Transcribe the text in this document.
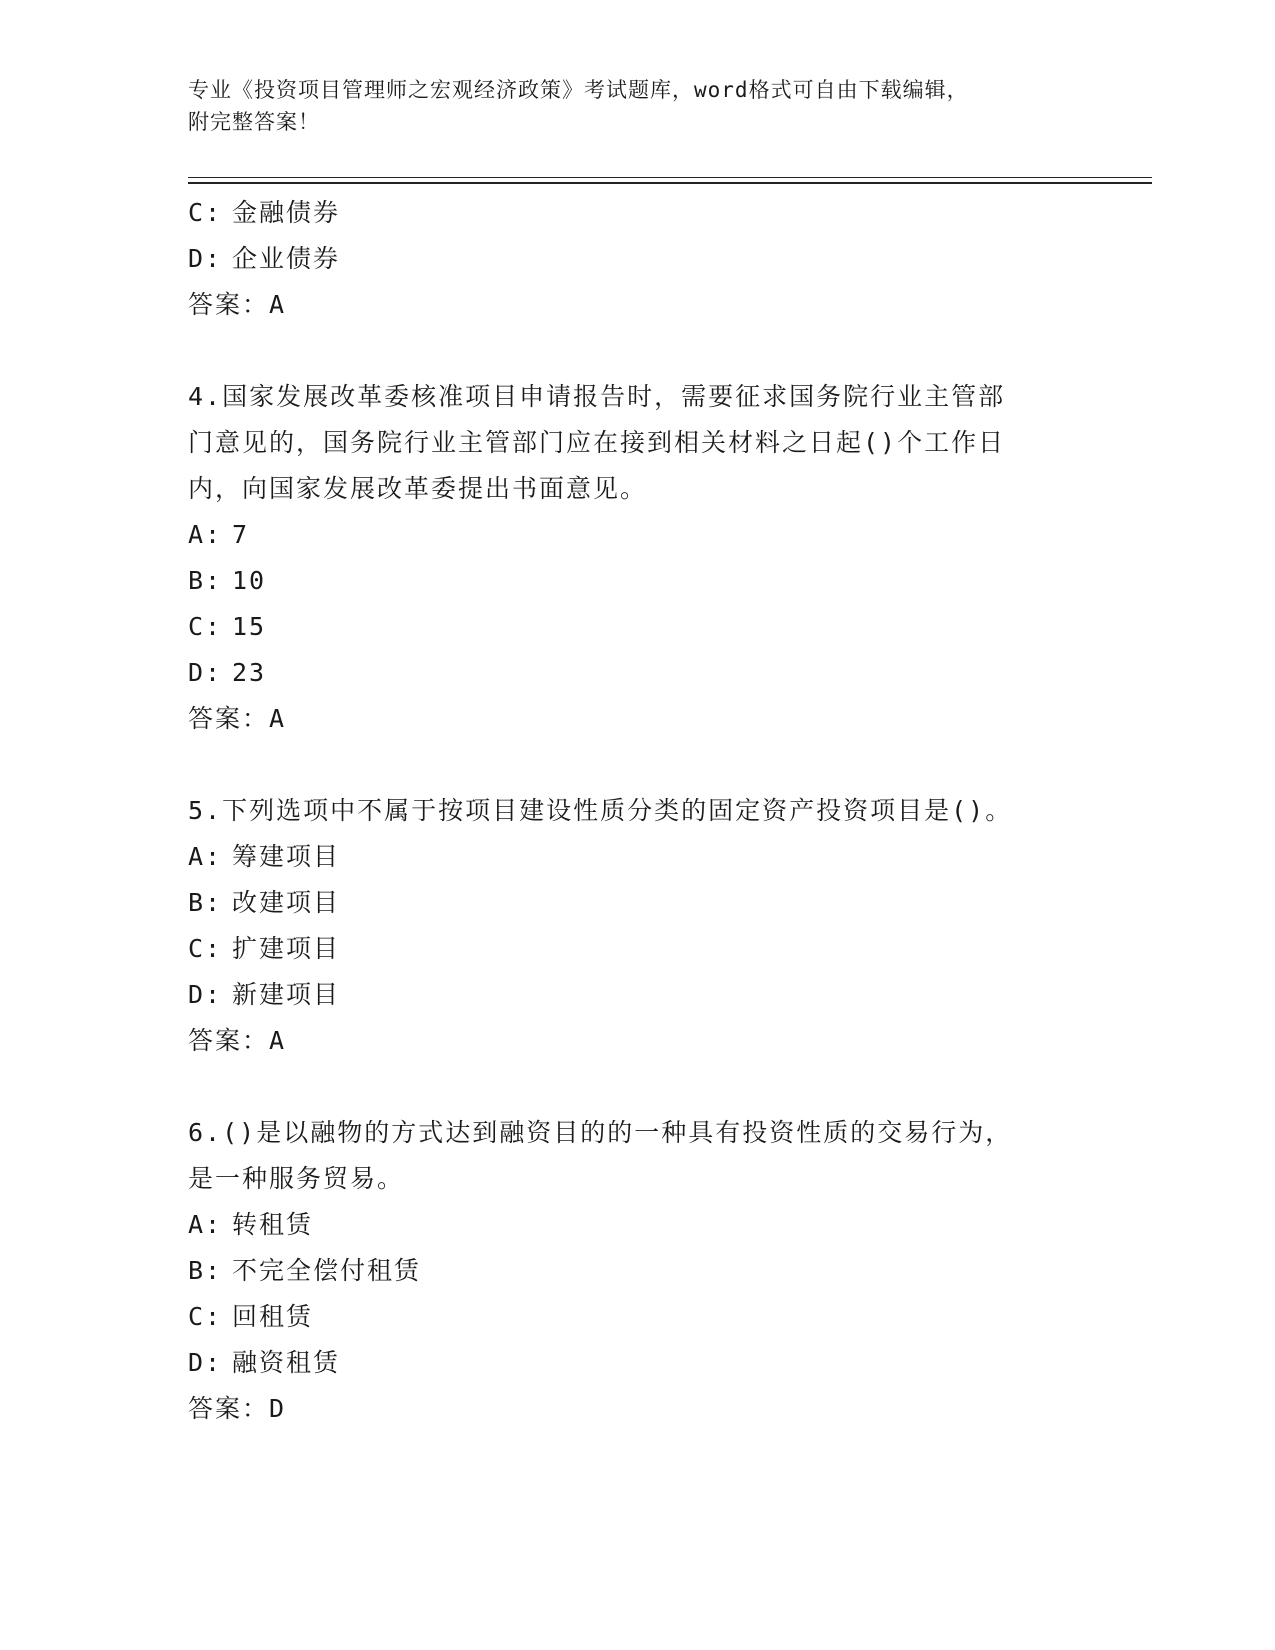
专业《投资项目管理师之宏观经济政策》考试题库，word格式可自由下载编辑，
附完整答案！
C: 金融债券
D: 企业债券
答案：A
4.国家发展改革委核准项目申请报告时，需要征求国务院行业主管部
门意见的，国务院行业主管部门应在接到相关材料之日起()个工作日
内，向国家发展改革委提出书面意见。
A: 7
B: 10
C: 15
D: 23
答案：A
5.下列选项中不属于按项目建设性质分类的固定资产投资项目是()。
A: 筹建项目
B: 改建项目
C: 扩建项目
D: 新建项目
答案：A
6.()是以融物的方式达到融资目的的一种具有投资性质的交易行为，
是一种服务贸易。
A: 转租赁
B: 不完全偿付租赁
C: 回租赁
D: 融资租赁
答案：D
